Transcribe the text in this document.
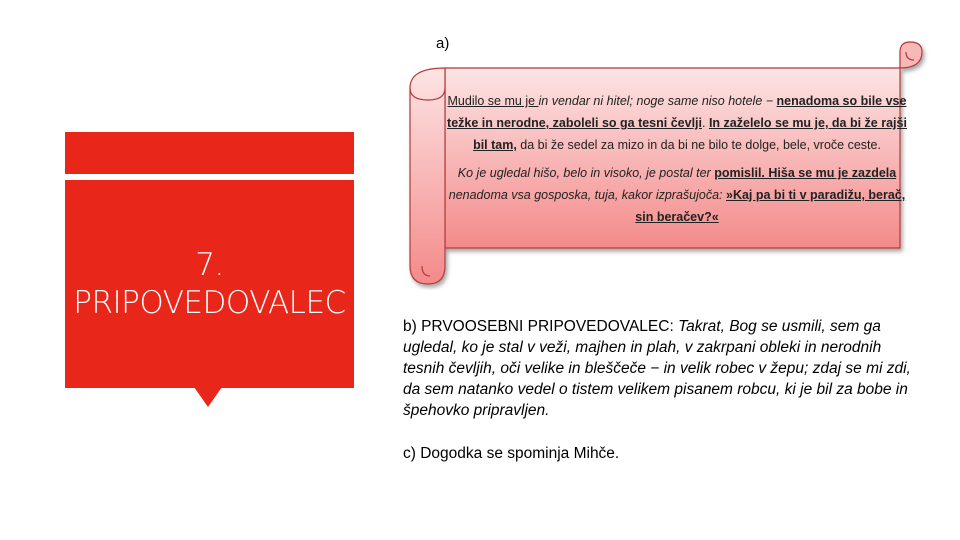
7.
PRIPOVEDOVALEC
a)

Mudilo se mu je in vendar ni hitel; noge same niso hotele − nenadoma so bile vse težke in nerodne, zaboleli so ga tesni čevlji. In zaželelo se mu je, da bi že rajši bil tam, da bi že sedel za mizo in da bi ne bilo te dolge, bele, vroče ceste.

Ko je ugledal hišo, belo in visoko, je postal ter pomislil. Hiša se mu je zazdela nenadoma vsa gosposka, tuja, kakor izprašujoča: »Kaj pa bi ti v paradižu, berač, sin beračev?«

b) PRVOOSEBNI PRIPOVEDOVALEC: Takrat, Bog se usmili, sem ga ugledal, ko je stal v veži, majhen in plah, v zakrpani obleki in nerodnih tesnih čevljih, oči velike in bleščeče − in velik robec v žepu; zdaj se mi zdi, da sem natanko vedel o tistem velikem pisanem robcu, ki je bil za bobe in špehovko pripravljen.
c) Dogodka se spominja Mihče.
